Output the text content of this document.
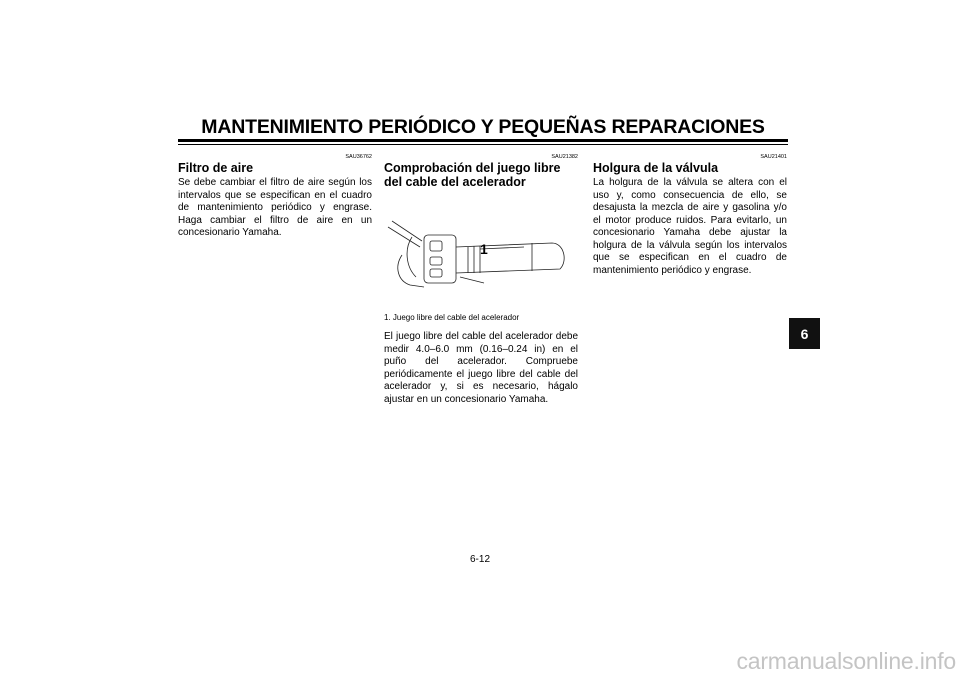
MANTENIMIENTO PERIÓDICO Y PEQUEÑAS REPARACIONES
SAU36762
Filtro de aire

Se debe cambiar el filtro de aire según los intervalos que se especifican en el cuadro de mantenimiento periódico y engrase. Haga cambiar el filtro de aire en un concesionario Yamaha.

SAU21382
Comprobación del juego libre del cable del acelerador
1
1. Juego libre del cable del acelerador

El juego libre del cable del acelerador debe medir 4.0–6.0 mm (0.16–0.24 in) en el puño del acelerador. Compruebe periódicamente el juego libre del cable del acelerador y, si es necesario, hágalo ajustar en un concesionario Yamaha.

SAU21401
Holgura de la válvula

La holgura de la válvula se altera con el uso y, como consecuencia de ello, se desajusta la mezcla de aire y gasolina y/o el motor produce ruidos. Para evitarlo, un concesionario Yamaha debe ajustar la holgura de la válvula según los intervalos que se especifican en el cuadro de mantenimiento periódico y engrase.

6
6-12
carmanualsonline.info
